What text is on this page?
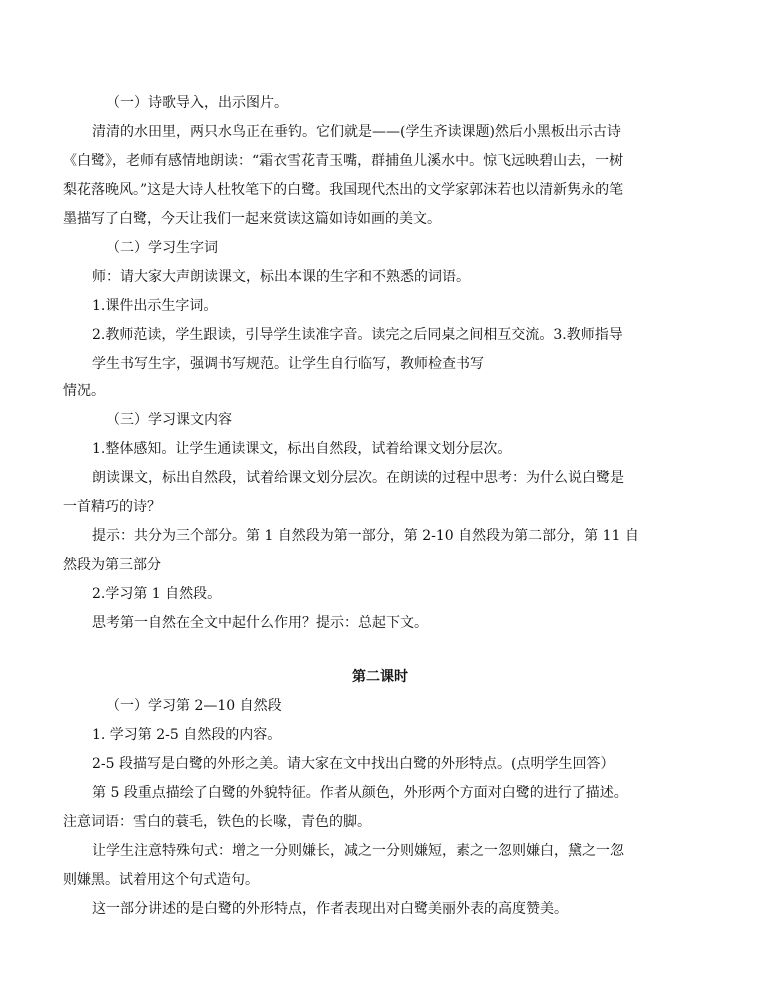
（一）诗歌导入，出示图片。
清清的水田里，两只水鸟正在垂钓。它们就是——(学生齐读课题)然后小黑板出示古诗
《白鹭》，老师有感情地朗读：“霜衣雪花青玉嘴，群捕鱼儿溪水中。惊飞远映碧山去，一树
梨花落晚风。”这是大诗人杜牧笔下的白鹭。我国现代杰出的文学家郭沫若也以清新隽永的笔
墨描写了白鹭，今天让我们一起来赏读这篇如诗如画的美文。
（二）学习生字词
师：请大家大声朗读课文，标出本课的生字和不熟悉的词语。
1.课件出示生字词。
2.教师范读，学生跟读，引导学生读准字音。读完之后同桌之间相互交流。3.教师指导
学生书写生字，强调书写规范。让学生自行临写，教师检查书写
情况。
（三）学习课文内容
1.整体感知。让学生通读课文，标出自然段，试着给课文划分层次。
朗读课文，标出自然段，试着给课文划分层次。在朗读的过程中思考：为什么说白鹭是
一首精巧的诗？
提示：共分为三个部分。第 1 自然段为第一部分，第 2-10 自然段为第二部分，第 11 自
然段为第三部分
2.学习第 1 自然段。
思考第一自然在全文中起什么作用？提示：总起下文。
第二课时
（一）学习第 2—10 自然段
1. 学习第 2-5 自然段的内容。
2-5 段描写是白鹭的外形之美。请大家在文中找出白鹭的外形特点。(点明学生回答）
第 5 段重点描绘了白鹭的外貌特征。作者从颜色，外形两个方面对白鹭的进行了描述。
注意词语：雪白的蓑毛，铁色的长喙，青色的脚。
让学生注意特殊句式：增之一分则嫌长，减之一分则嫌短，素之一忽则嫌白，黛之一忽
则嫌黑。试着用这个句式造句。
这一部分讲述的是白鹭的外形特点，作者表现出对白鹭美丽外表的高度赞美。
